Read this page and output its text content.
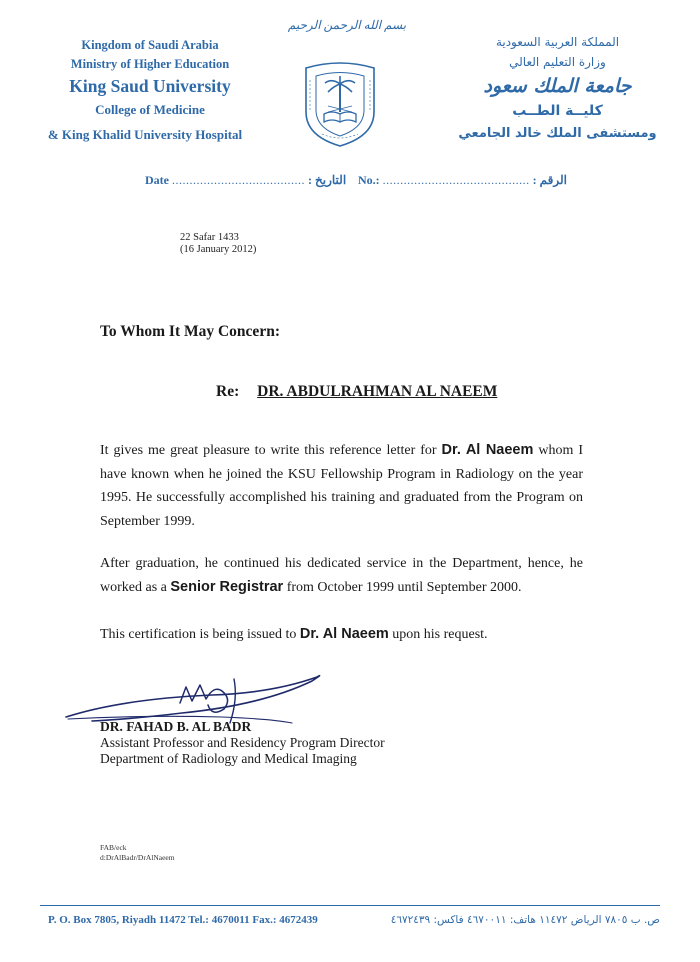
Kingdom of Saudi Arabia
Ministry of Higher Education
King Saud University
College of Medicine
& King Khalid University Hospital
بسم الله الرحمن الرحيم
المملكة العربية السعودية
وزارة التعليم العالي
جامعة الملك سعود
كليــة الطــب
ومستشفى الملك خالد الجامعي
Date ...................................... : التاريخ No.: .......................................... : الرقم
22 Safar 1433
(16 January 2012)
To Whom It May Concern:
Re: DR. ABDULRAHMAN AL NAEEM
It gives me great pleasure to write this reference letter for Dr. Al Naeem whom I have known when he joined the KSU Fellowship Program in Radiology on the year 1995. He successfully accomplished his training and graduated from the Program on September 1999.
After graduation, he continued his dedicated service in the Department, hence, he worked as a Senior Registrar from October 1999 until September 2000.
This certification is being issued to Dr. Al Naeem upon his request.
DR. FAHAD B. AL BADR
Assistant Professor and Residency Program Director
Department of Radiology and Medical Imaging
FAB/eck
d:DrAlBadr/DrAlNaeem
P. O. Box 7805, Riyadh 11472 Tel.: 4670011 Fax.: 4672439	ص. ب ٧٨٠٥ الرياض ١١٤٧٢ هاتف: ٤٦٧٠٠١١ فاكس: ٤٦٧٢٤٣٩
